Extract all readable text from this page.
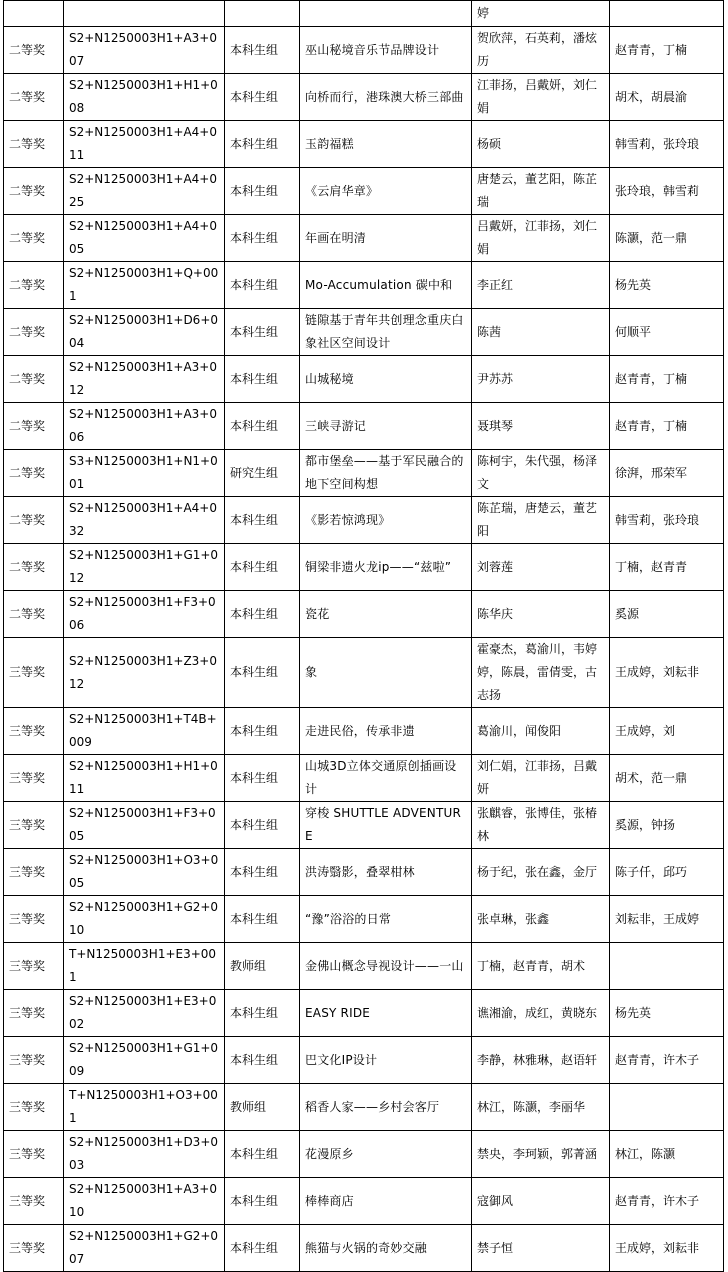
				婷	
二等奖	S2+N1250003H1+A3+007	本科生组	巫山秘境音乐节品牌设计	贺欣萍，石英莉，潘炫历	赵青青，丁楠
二等奖	S2+N1250003H1+H1+008	本科生组	向桥而行，港珠澳大桥三部曲	江菲扬，吕戴妍，刘仁娟	胡术，胡晨渝
二等奖	S2+N1250003H1+A4+011	本科生组	玉韵福糕	杨硕	韩雪莉，张玲琅
二等奖	S2+N1250003H1+A4+025	本科生组	《云肩华章》	唐楚云，董艺阳，陈芷瑞	张玲琅，韩雪莉
二等奖	S2+N1250003H1+A4+005	本科生组	年画在明清	吕戴妍，江菲扬，刘仁娟	陈灏，范一鼎
二等奖	S2+N1250003H1+Q+001	本科生组	Mo-Accumulation 碳中和	李正红	杨先英
二等奖	S2+N1250003H1+D6+004	本科生组	链隙基于青年共创理念重庆白象社区空间设计	陈茜	何顺平
二等奖	S2+N1250003H1+A3+012	本科生组	山城秘境	尹苏苏	赵青青，丁楠
二等奖	S2+N1250003H1+A3+006	本科生组	三峡寻游记	聂琪琴	赵青青，丁楠
二等奖	S3+N1250003H1+N1+001	研究生组	都市堡垒——基于军民融合的地下空间构想	陈柯宇，朱代强，杨泽文	徐湃，邢荣军
二等奖	S2+N1250003H1+A4+032	本科生组	《影若惊鸿现》	陈芷瑞，唐楚云，董艺阳	韩雪莉，张玲琅
二等奖	S2+N1250003H1+G1+012	本科生组	铜梁非遗火龙ip——“兹啦”	刘蓉莲	丁楠，赵青青
二等奖	S2+N1250003H1+F3+006	本科生组	瓷花	陈华庆	奚源
三等奖	S2+N1250003H1+Z3+012	本科生组	象	霍豪杰，葛渝川，韦婷婷，陈晨，雷倩雯，古志扬	王成婷，刘耘非
三等奖	S2+N1250003H1+T4B+009	本科生组	走进民俗，传承非遗	葛渝川，闻俊阳	王成婷，刘
三等奖	S2+N1250003H1+H1+011	本科生组	山城3D立体交通原创插画设计	刘仁娟，江菲扬，吕戴妍	胡术，范一鼎
三等奖	S2+N1250003H1+F3+005	本科生组	穿梭 SHUTTLE ADVENTURE	张麒睿，张博佳，张椿林	奚源，钟扬
三等奖	S2+N1250003H1+O3+005	本科生组	洪涛翳影，叠翠柑林	杨于纪，张在鑫，金厅	陈子仟，邱巧
三等奖	S2+N1250003H1+G2+010	本科生组	“豫”浴浴的日常	张卓琳，张鑫	刘耘非，王成婷
三等奖	T+N1250003H1+E3+001	教师组	金佛山概念导视设计——一山	丁楠，赵青青，胡术	
三等奖	S2+N1250003H1+E3+002	本科生组	EASY RIDE	谯湘渝，成红，黄晓东	杨先英
三等奖	S2+N1250003H1+G1+009	本科生组	巴文化IP设计	李静，林雅琳，赵语轩	赵青青，许木子
三等奖	T+N1250003H1+O3+001	教师组	稻香人家——乡村会客厅	林江，陈灏，李丽华	
三等奖	S2+N1250003H1+D3+003	本科生组	花漫原乡	禁央，李珂颖，郭菁涵	林江，陈灏
三等奖	S2+N1250003H1+A3+010	本科生组	棒棒商店	寇御风	赵青青，许木子
三等奖	S2+N1250003H1+G2+007	本科生组	熊猫与火锅的奇妙交融	禁子恒	王成婷，刘耘非
